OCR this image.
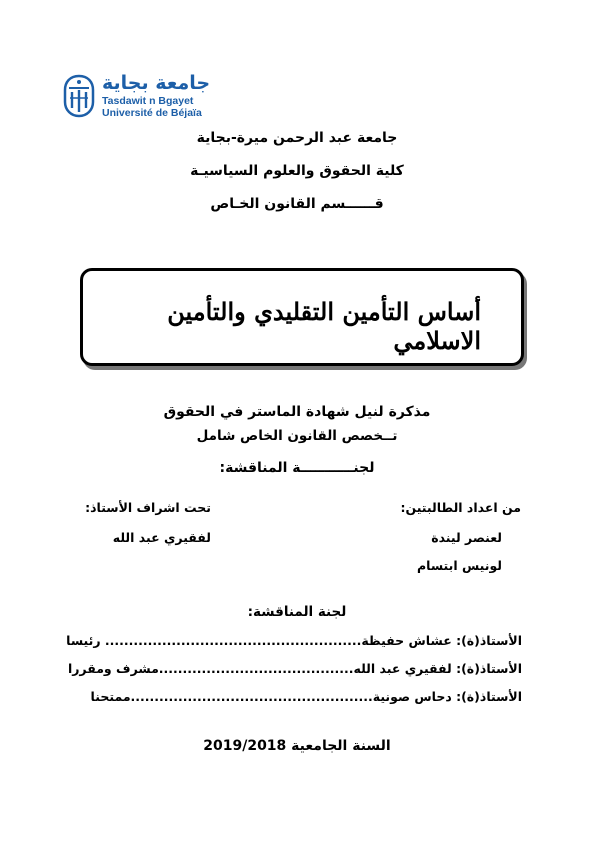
جامعة بجاية
Tasdawit n Bgayet
Université de Béjaïa
جامعة عبد الرحمن ميرة-بجاية
كلية الحقوق والعلوم السياسيـة
قــــــسم القانون الخـاص
أساس التأمين التقليدي والتأمين الاسلامي
مذكرة لنيل شهادة الماستر في الحقوق
تــخصص القانون الخاص شامل
لجنـــــــــــة المناقشة:
من اعداد الطالبتين:
لعنصر ليندة
لونيس ابتسام
تحت اشراف الأستاذ:
لفقيري عبد الله
لجنة المناقشة:
الأستاذ(ة): عشاش حفيظة...................................................... رئيسا
الأستاذ(ة): لفقيري عبد الله.........................................مشرف ومقررا
الأستاذ(ة): دحاس صونية...................................................ممتحنا
السنة الجامعية 2019/2018
